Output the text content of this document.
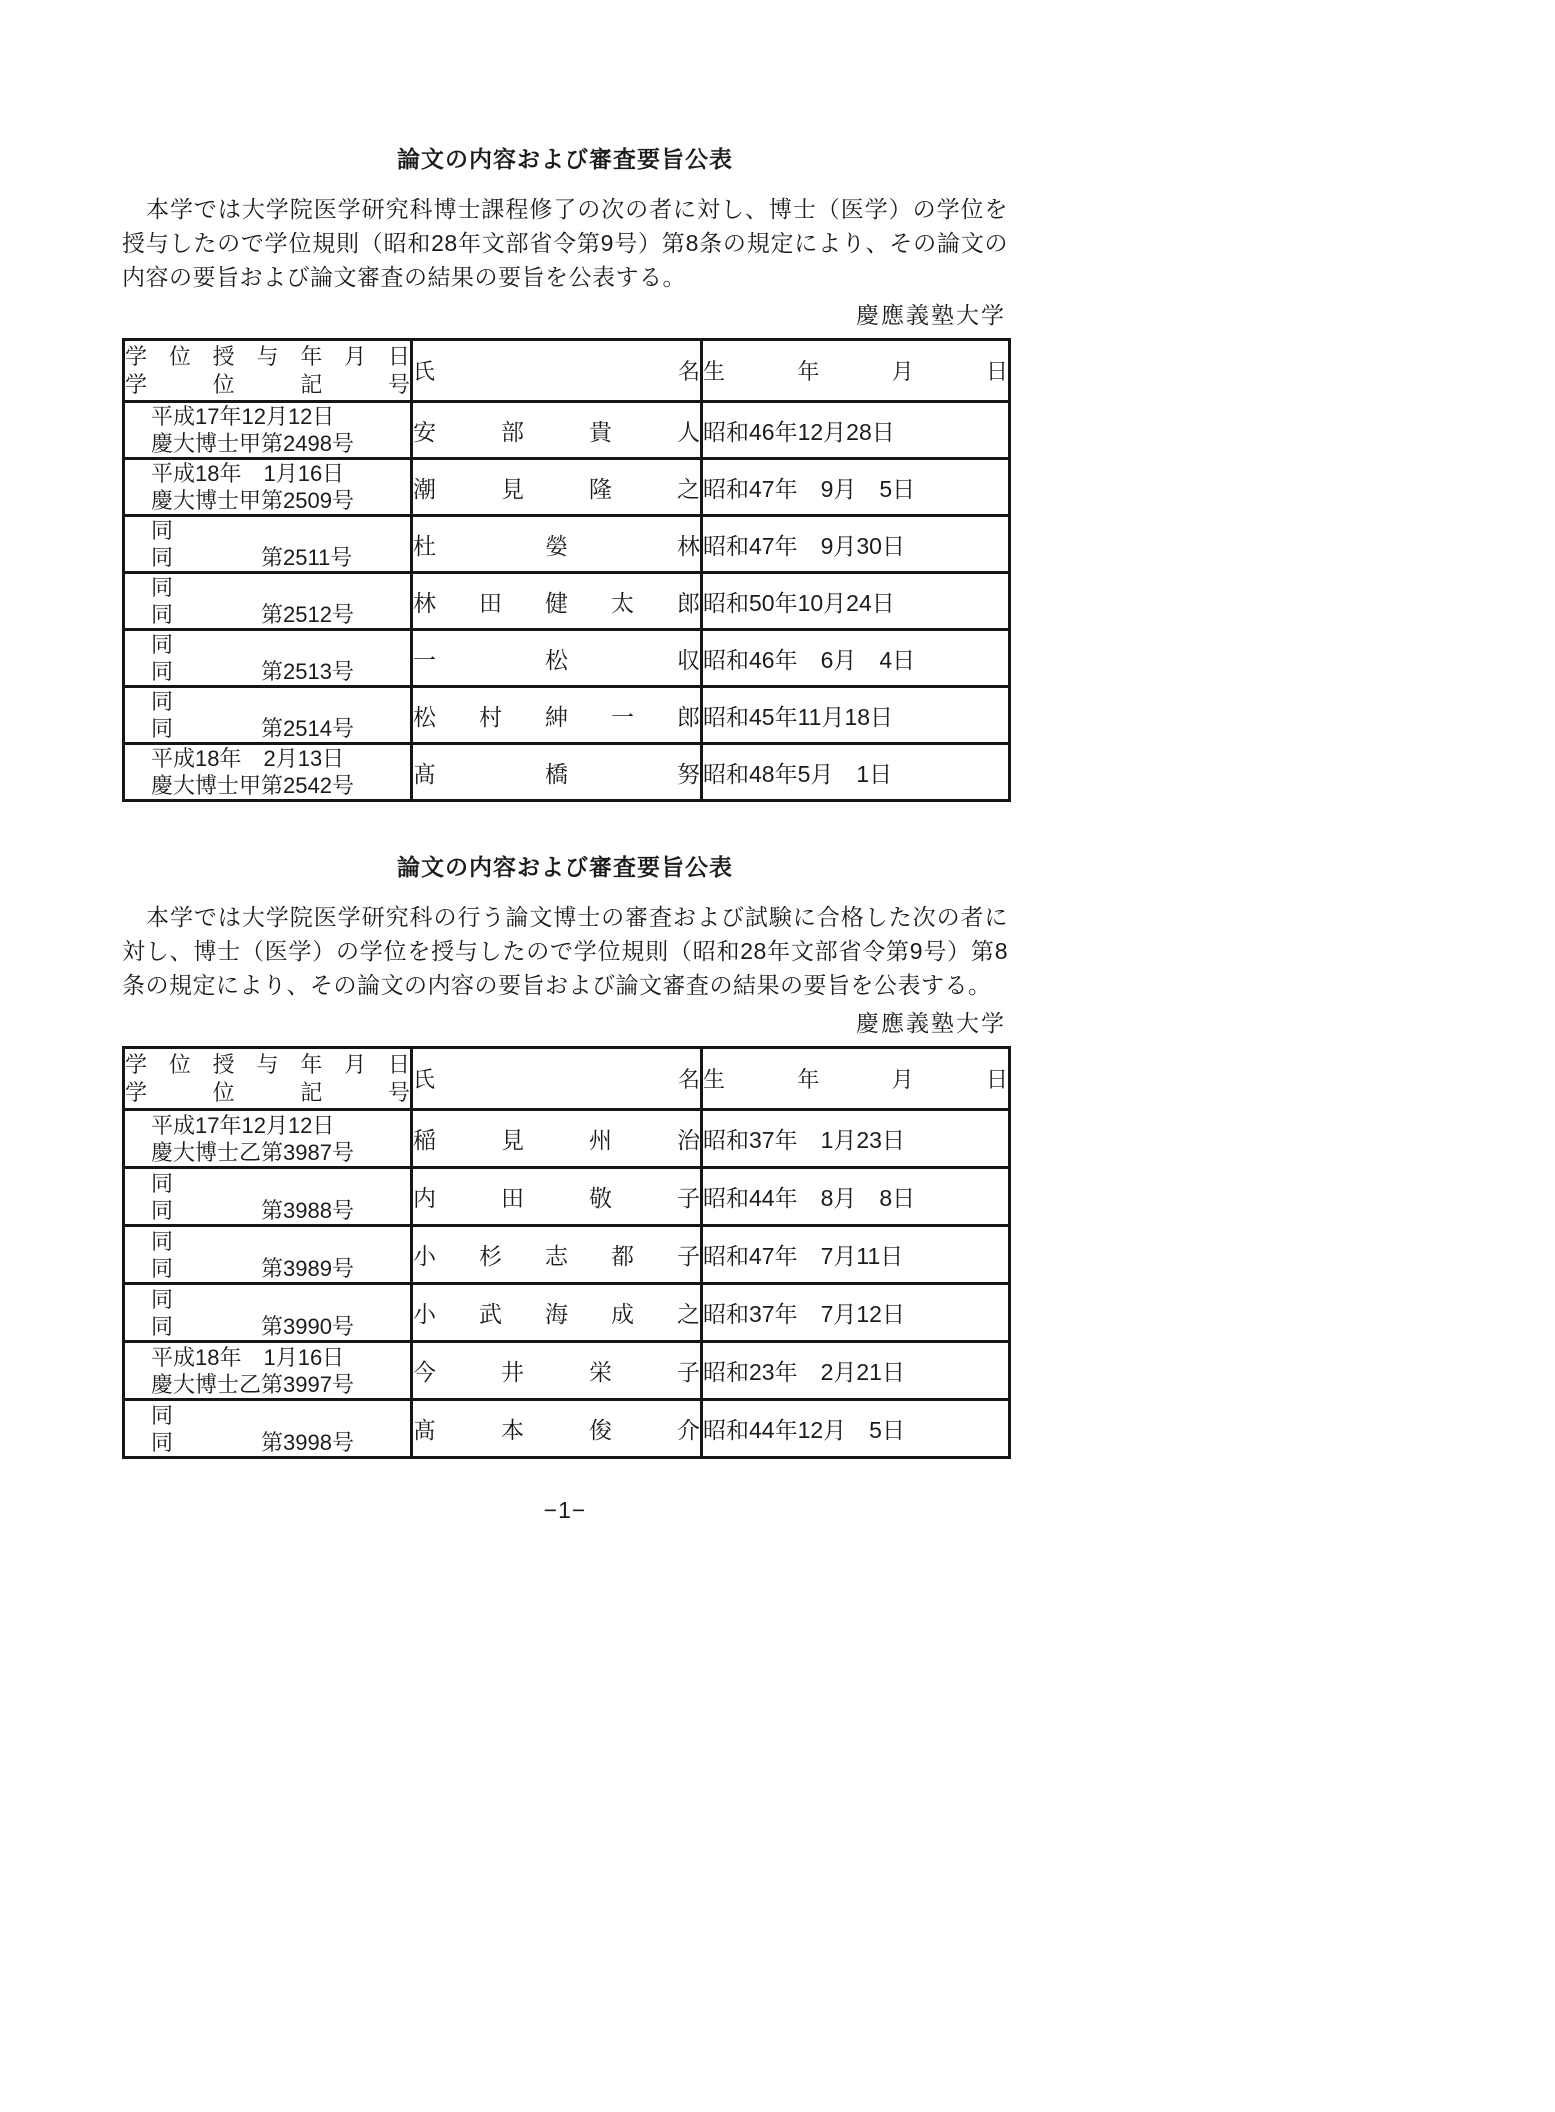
論文の内容および審査要旨公表

本学では大学院医学研究科博士課程修了の次の者に対し、博士（医学）の学位を授与したので学位規則（昭和28年文部省令第9号）第8条の規定により、その論文の内容の要旨および論文審査の結果の要旨を公表する。

慶應義塾大学
学 位 授 与 年 月 日
学 位 記 号	氏 名	生 年 月 日

平成17年12月12日
慶大博士甲第2498号	安 部 貴 人	昭和46年12月28日

平成18年　1月16日
慶大博士甲第2509号	潮 見 隆 之	昭和47年　9月　5日

同
同　　　　第2511号	杜 嫈 林	昭和47年　9月30日

同
同　　　　第2512号	林 田 健 太 郎	昭和50年10月24日

同
同　　　　第2513号	一 松 収	昭和46年　6月　4日

同
同　　　　第2514号	松 村 紳 一 郎	昭和45年11月18日

平成18年　2月13日
慶大博士甲第2542号	髙 橋 努	昭和48年5月　1日
論文の内容および審査要旨公表

本学では大学院医学研究科の行う論文博士の審査および試験に合格した次の者に対し、博士（医学）の学位を授与したので学位規則（昭和28年文部省令第9号）第8条の規定により、その論文の内容の要旨および論文審査の結果の要旨を公表する。

慶應義塾大学
学 位 授 与 年 月 日
学 位 記 号	氏 名	生 年 月 日

平成17年12月12日
慶大博士乙第3987号	稲 見 州 治	昭和37年　1月23日

同
同　　　　第3988号	内 田 敬 子	昭和44年　8月　8日

同
同　　　　第3989号	小 杉 志 都 子	昭和47年　7月11日

同
同　　　　第3990号	小 武 海 成 之	昭和37年　7月12日

平成18年　1月16日
慶大博士乙第3997号	今 井 栄 子	昭和23年　2月21日

同
同　　　　第3998号	髙 本 俊 介	昭和44年12月　5日
−1−
